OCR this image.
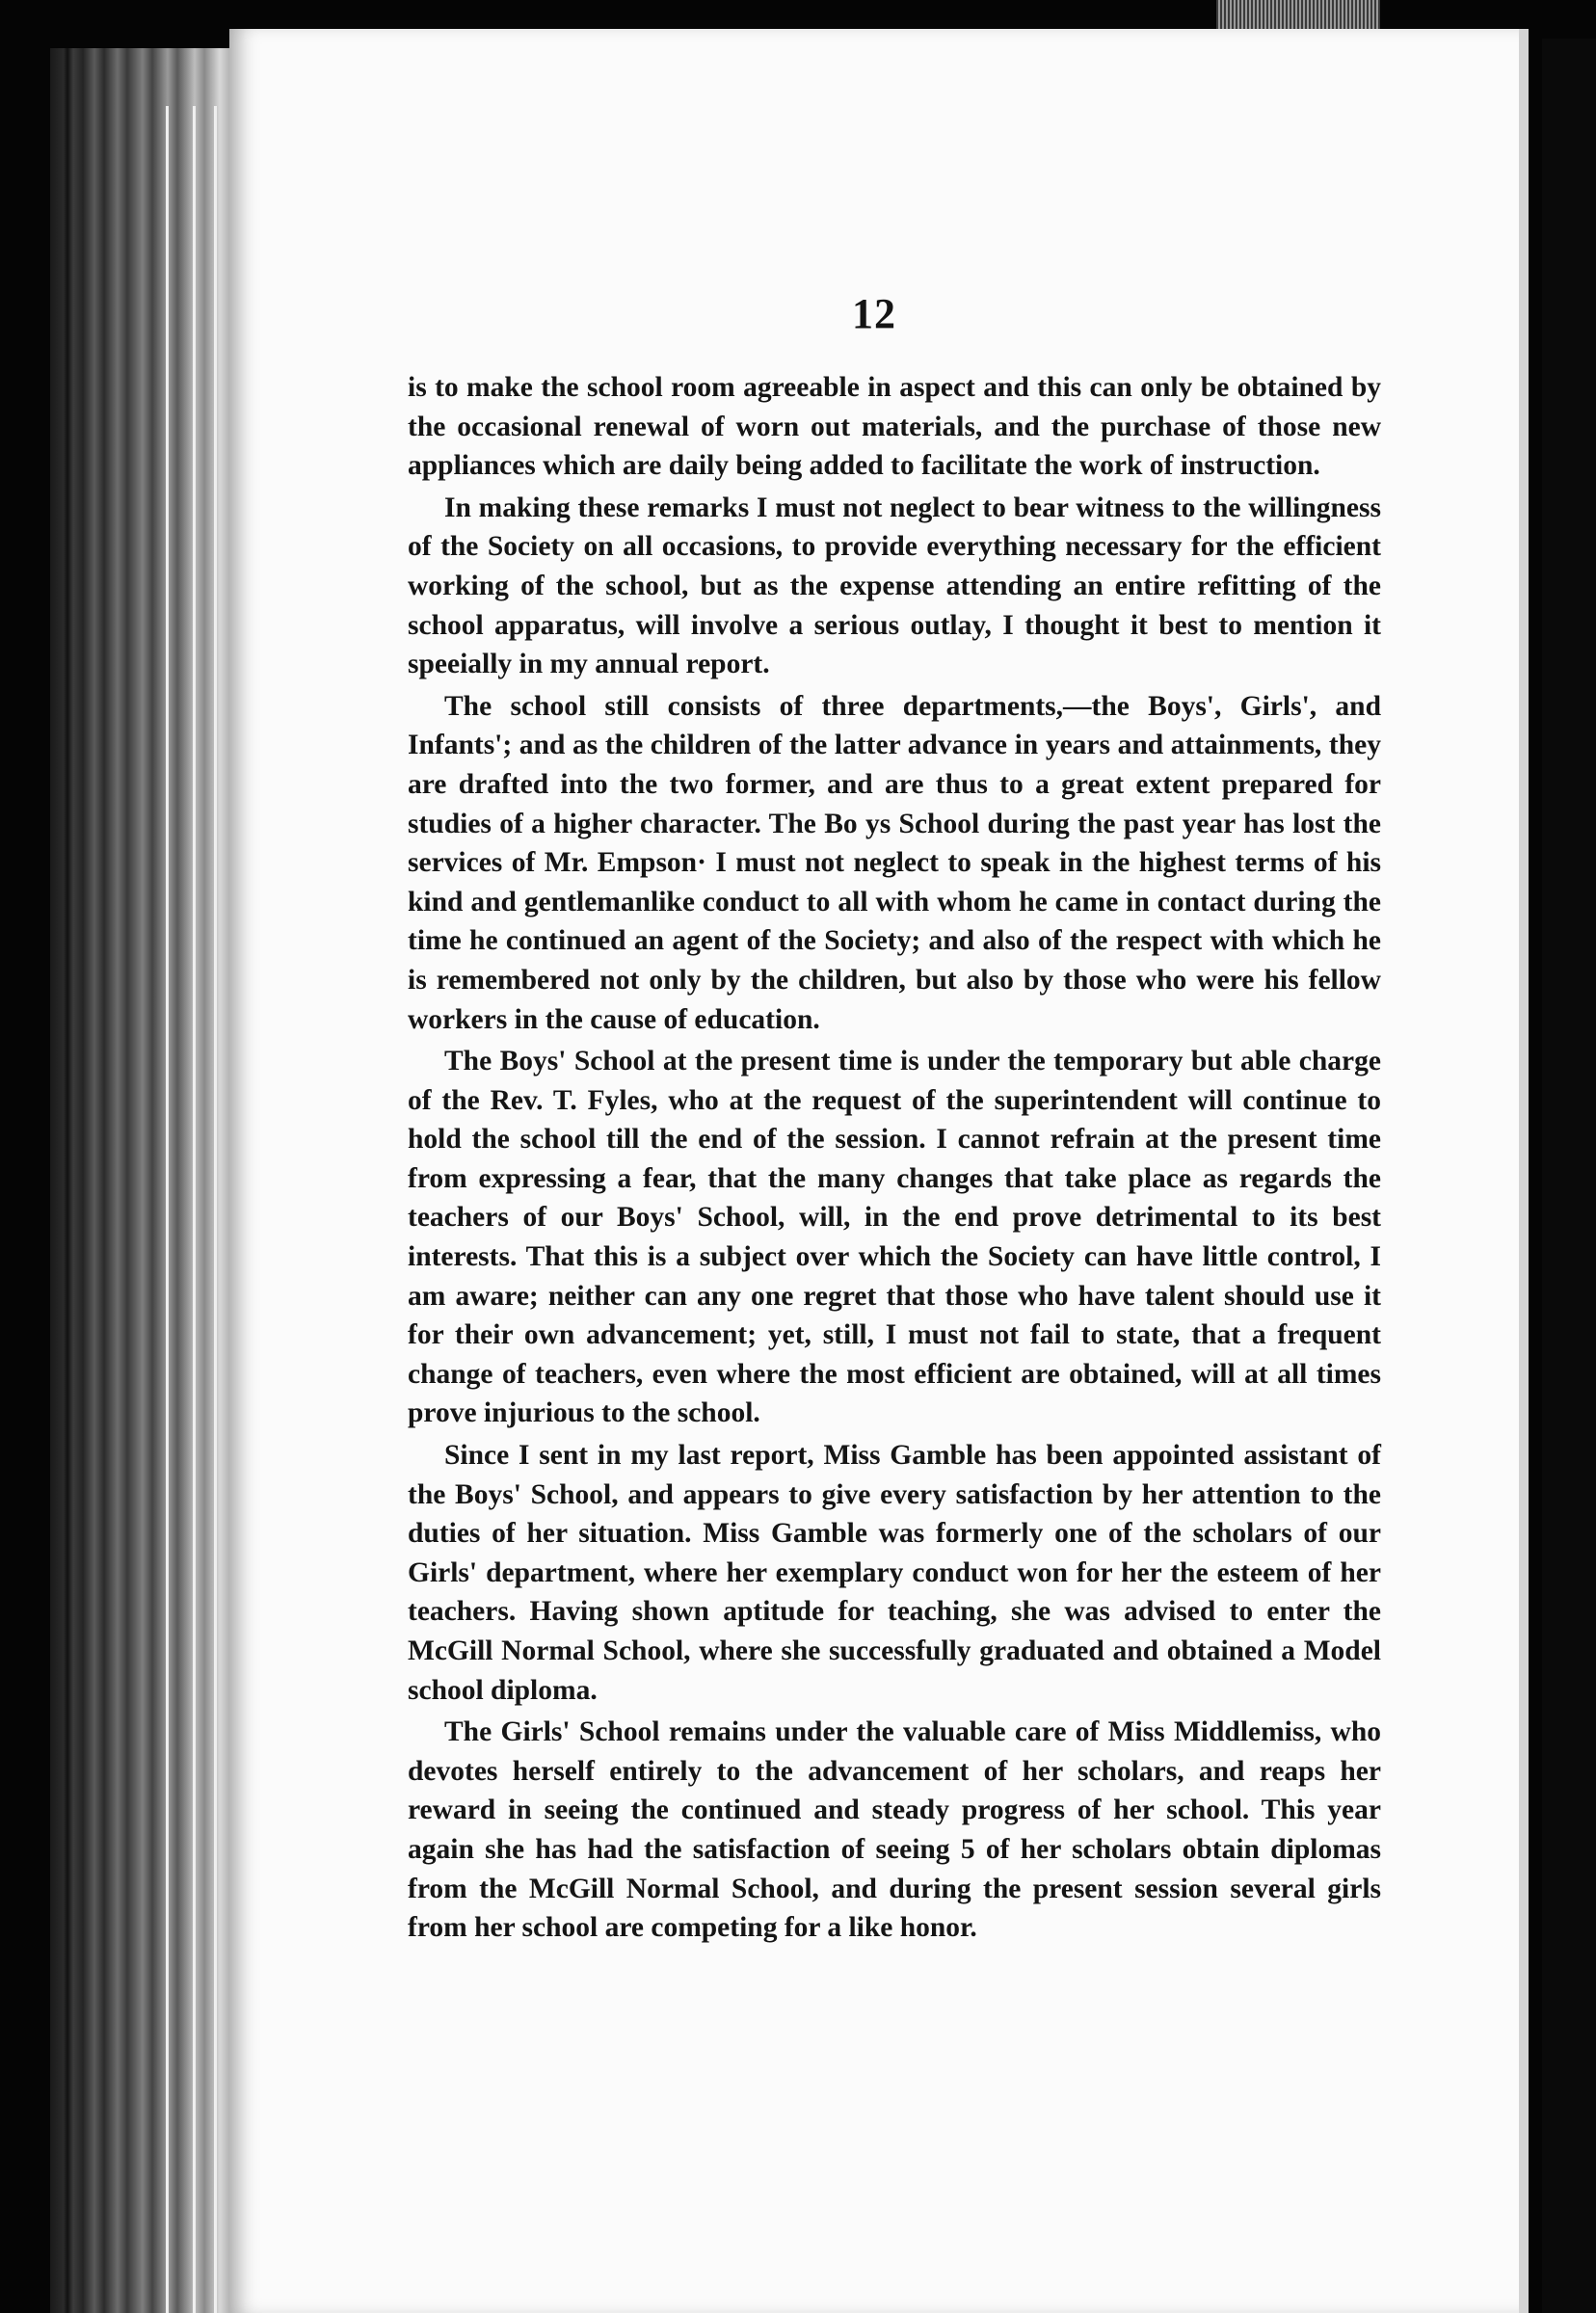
12

is to make the school room agreeable in aspect and this can only be obtained by the occasional renewal of worn out materials, and the purchase of those new appliances which are daily being added to facilitate the work of instruction.

In making these remarks I must not neglect to bear witness to the willingness of the Society on all occasions, to provide everything necessary for the efficient working of the school, but as the expense attending an entire refitting of the school apparatus, will involve a serious outlay, I thought it best to mention it speeially in my annual report.

The school still consists of three departments,—the Boys', Girls', and Infants'; and as the children of the latter advance in years and attainments, they are drafted into the two former, and are thus to a great extent prepared for studies of a higher character. The Bo ys School during the past year has lost the services of Mr. Empson· I must not neglect to speak in the highest terms of his kind and gentlemanlike conduct to all with whom he came in contact during the time he continued an agent of the Society; and also of the respect with which he is remembered not only by the children, but also by those who were his fellow workers in the cause of education.

The Boys' School at the present time is under the temporary but able charge of the Rev. T. Fyles, who at the request of the superintendent will continue to hold the school till the end of the session. I cannot refrain at the present time from expressing a fear, that the many changes that take place as regards the teachers of our Boys' School, will, in the end prove detrimental to its best interests. That this is a subject over which the Society can have little control, I am aware; neither can any one regret that those who have talent should use it for their own advancement; yet, still, I must not fail to state, that a frequent change of teachers, even where the most efficient are obtained, will at all times prove injurious to the school.

Since I sent in my last report, Miss Gamble has been appointed assistant of the Boys' School, and appears to give every satisfaction by her attention to the duties of her situation. Miss Gamble was formerly one of the scholars of our Girls' department, where her exemplary conduct won for her the esteem of her teachers. Having shown aptitude for teaching, she was advised to enter the McGill Normal School, where she successfully graduated and obtained a Model school diploma.

The Girls' School remains under the valuable care of Miss Middlemiss, who devotes herself entirely to the advancement of her scholars, and reaps her reward in seeing the continued and steady progress of her school. This year again she has had the satisfaction of seeing 5 of her scholars obtain diplomas from the McGill Normal School, and during the present session several girls from her school are competing for a like honor.
